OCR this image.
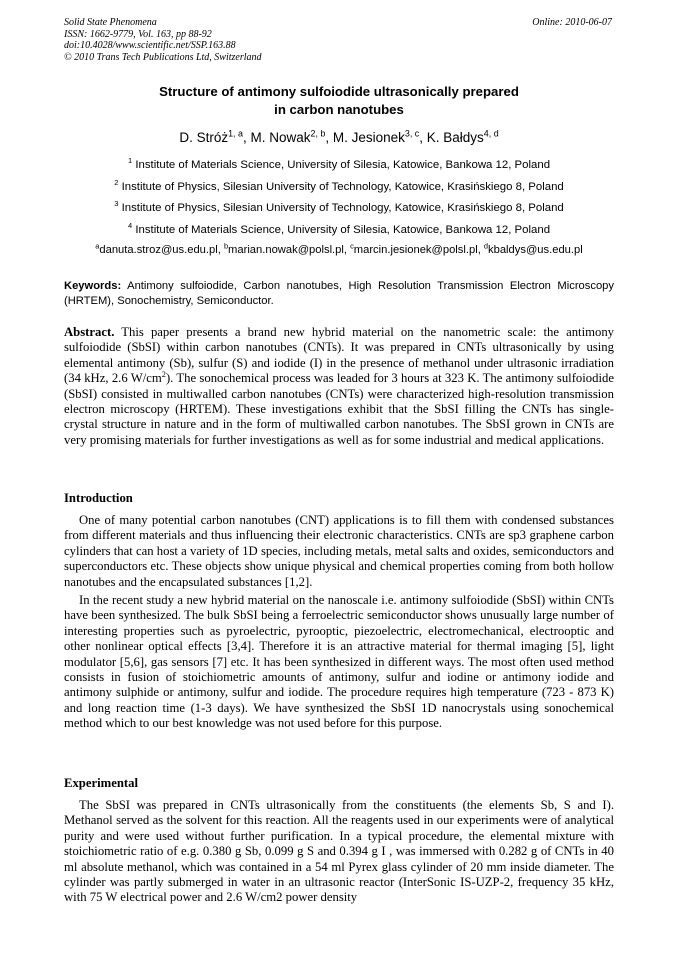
Solid State Phenomena
ISSN: 1662-9779, Vol. 163, pp 88-92
doi:10.4028/www.scientific.net/SSP.163.88
© 2010 Trans Tech Publications Ltd, Switzerland
Online: 2010-06-07
Structure of antimony sulfoiodide ultrasonically prepared
in carbon nanotubes
D. Stróż$^{1, a}$, M. Nowak$^{2, b}$, M. Jesionek$^{3, c}$, K. Bałdys$^{4, d}$
$^1$ Institute of Materials Science, University of Silesia, Katowice, Bankowa 12, Poland
$^2$ Institute of Physics, Silesian University of Technology, Katowice, Krasińskiego 8, Poland
$^3$ Institute of Physics, Silesian University of Technology, Katowice, Krasińskiego 8, Poland
$^4$ Institute of Materials Science, University of Silesia, Katowice, Bankowa 12, Poland
$^a$danuta.stroz@us.edu.pl, $^b$marian.nowak@polsl.pl, $^c$marcin.jesionek@polsl.pl, $^d$kbaldys@us.edu.pl
Keywords: Antimony sulfoiodide, Carbon nanotubes, High Resolution Transmission Electron Microscopy (HRTEM), Sonochemistry, Semiconductor.
Abstract. This paper presents a brand new hybrid material on the nanometric scale: the antimony sulfoiodide (SbSI) within carbon nanotubes (CNTs). It was prepared in CNTs ultrasonically by using elemental antimony (Sb), sulfur (S) and iodide (I) in the presence of methanol under ultrasonic irradiation (34 kHz, 2.6 $W/cm^2$). The sonochemical process was leaded for 3 hours at 323 K. The antimony sulfoiodide (SbSI) consisted in multiwalled carbon nanotubes (CNTs) were characterized high-resolution transmission electron microscopy (HRTEM). These investigations exhibit that the SbSI filling the CNTs has single-crystal structure in nature and in the form of multiwalled carbon nanotubes. The SbSI grown in CNTs are very promising materials for further investigations as well as for some industrial and medical applications.
Introduction
One of many potential carbon nanotubes (CNT) applications is to fill them with condensed substances from different materials and thus influencing their electronic characteristics. CNTs are sp3 graphene carbon cylinders that can host a variety of 1D species, including metals, metal salts and oxides, semiconductors and superconductors etc. These objects show unique physical and chemical properties coming from both hollow nanotubes and the encapsulated substances [1,2].
In the recent study a new hybrid material on the nanoscale i.e. antimony sulfoiodide (SbSI) within CNTs have been synthesized. The bulk SbSI being a ferroelectric semiconductor shows unusually large number of interesting properties such as pyroelectric, pyrooptic, piezoelectric, electromechanical, electrooptic and other nonlinear optical effects [3,4]. Therefore it is an attractive material for thermal imaging [5], light modulator [5,6], gas sensors [7] etc. It has been synthesized in different ways. The most often used method consists in fusion of stoichiometric amounts of antimony, sulfur and iodine or antimony iodide and antimony sulphide or antimony, sulfur and iodide. The procedure requires high temperature (723 - 873 K) and long reaction time (1-3 days). We have synthesized the SbSI 1D nanocrystals using sonochemical method which to our best knowledge was not used before for this purpose.
Experimental
The SbSI was prepared in CNTs ultrasonically from the constituents (the elements Sb, S and I). Methanol served as the solvent for this reaction. All the reagents used in our experiments were of analytical purity and were used without further purification. In a typical procedure, the elemental mixture with stoichiometric ratio of e.g. 0.380 g Sb, 0.099 g S and 0.394 g I , was immersed with 0.282 g of CNTs in 40 ml absolute methanol, which was contained in a 54 ml Pyrex glass cylinder of 20 mm inside diameter. The cylinder was partly submerged in water in an ultrasonic reactor (InterSonic IS-UZP-2, frequency 35 kHz, with 75 W electrical power and 2.6 W/cm2 power density
